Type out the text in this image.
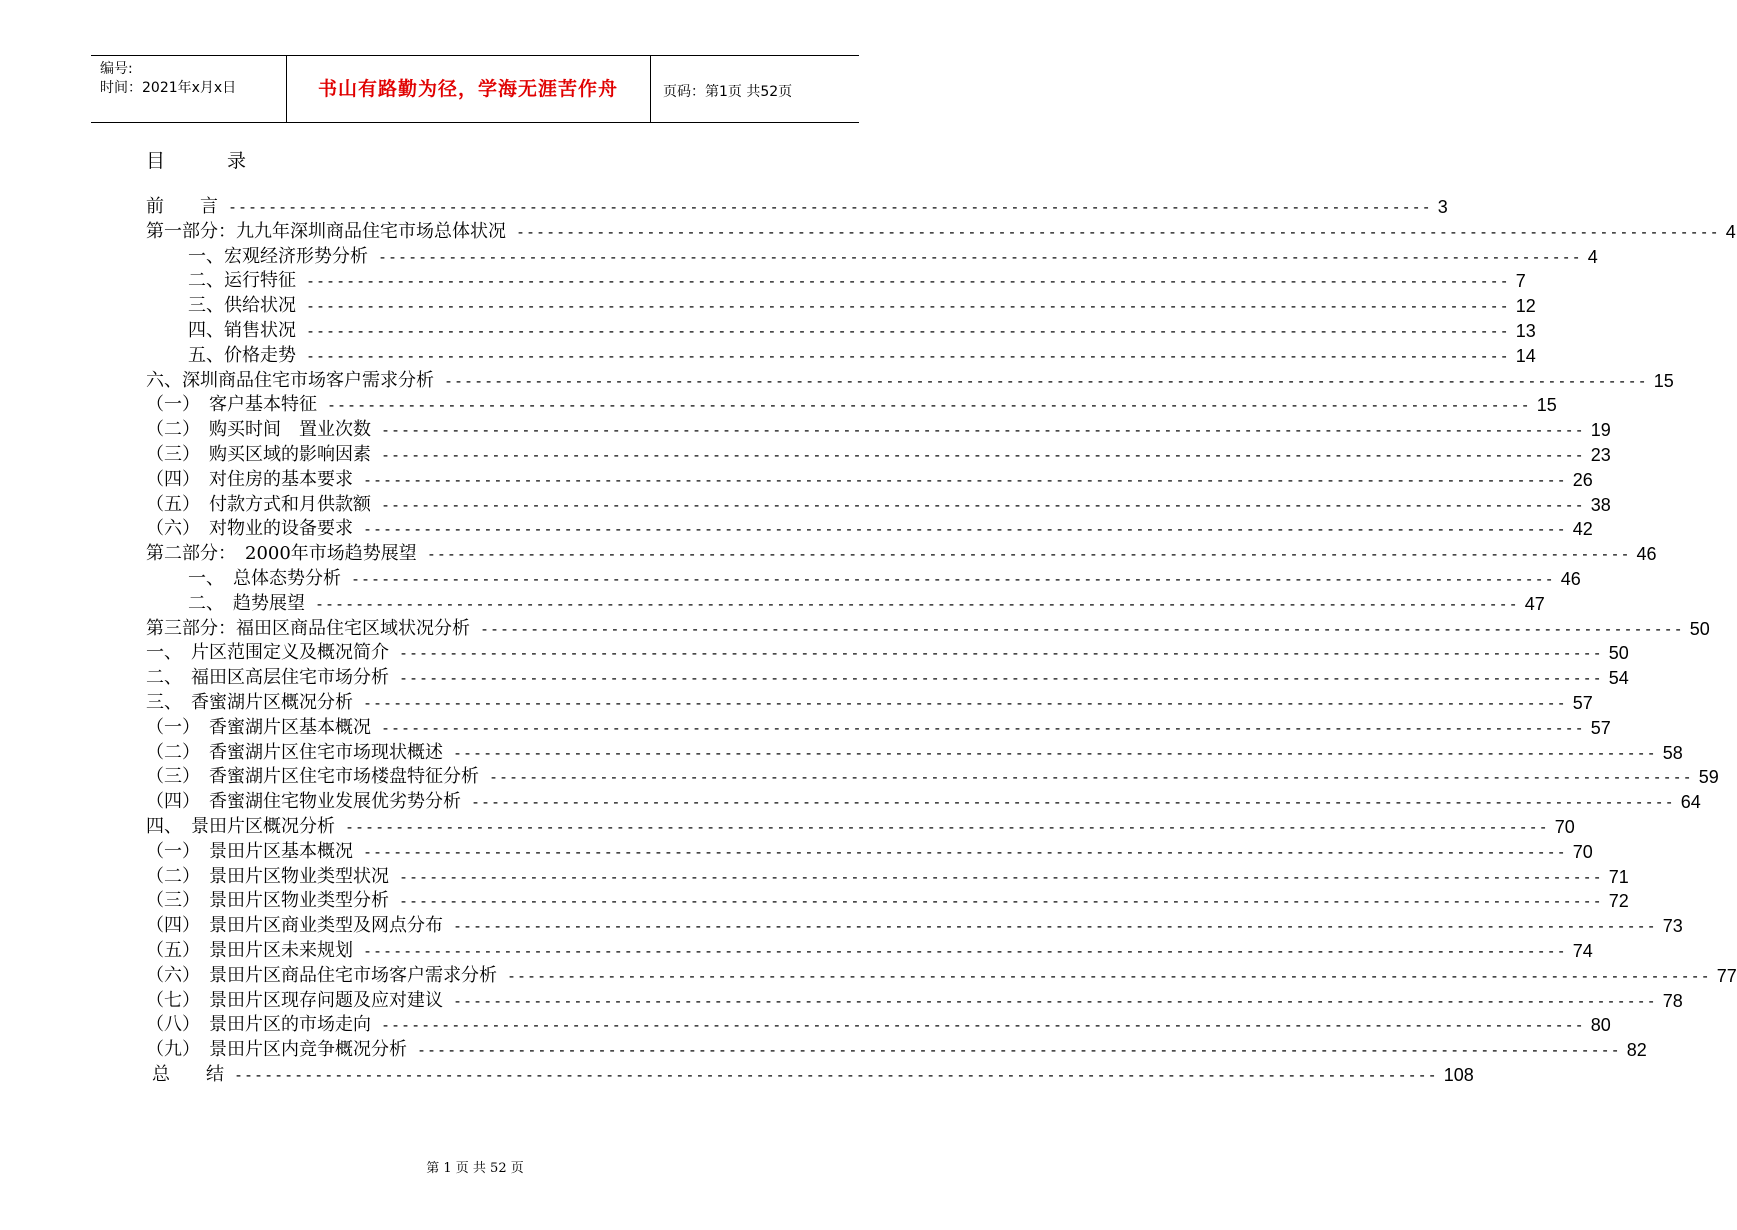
编号:
时间：2021年x月x日	书山有路勤为径，学海无涯苦作舟	页码：第1页 共52页
目 录
前　　言 ------------------------------------------------------------------------------------------------------------------------ 3
第一部分：九九年深圳商品住宅市场总体状况 ------------------------------------------------------------------------------------------------------------------------ 4
一、宏观经济形势分析 ------------------------------------------------------------------------------------------------------------------------ 4
二、运行特征 ------------------------------------------------------------------------------------------------------------------------ 7
三、供给状况 ------------------------------------------------------------------------------------------------------------------------ 12
四、销售状况 ------------------------------------------------------------------------------------------------------------------------ 13
五、价格走势 ------------------------------------------------------------------------------------------------------------------------ 14
六、深圳商品住宅市场客户需求分析 ------------------------------------------------------------------------------------------------------------------------ 15
（一）　客户基本特征 ------------------------------------------------------------------------------------------------------------------------ 15
（二）　购买时间　置业次数 ------------------------------------------------------------------------------------------------------------------------ 19
（三）　购买区域的影响因素 ------------------------------------------------------------------------------------------------------------------------ 23
（四）　对住房的基本要求 ------------------------------------------------------------------------------------------------------------------------ 26
（五）　付款方式和月供款额 ------------------------------------------------------------------------------------------------------------------------ 38
（六）　对物业的设备要求 ------------------------------------------------------------------------------------------------------------------------ 42
第二部分：　2000年市场趋势展望 ------------------------------------------------------------------------------------------------------------------------ 46
一、　总体态势分析 ------------------------------------------------------------------------------------------------------------------------ 46
二、　趋势展望 ------------------------------------------------------------------------------------------------------------------------ 47
第三部分：福田区商品住宅区域状况分析 ------------------------------------------------------------------------------------------------------------------------ 50
一、　片区范围定义及概况简介 ------------------------------------------------------------------------------------------------------------------------ 50
二、　福田区高层住宅市场分析 ------------------------------------------------------------------------------------------------------------------------ 54
三、　香蜜湖片区概况分析 ------------------------------------------------------------------------------------------------------------------------ 57
（一）　香蜜湖片区基本概况 ------------------------------------------------------------------------------------------------------------------------ 57
（二）　香蜜湖片区住宅市场现状概述 ------------------------------------------------------------------------------------------------------------------------ 58
（三）　香蜜湖片区住宅市场楼盘特征分析 ------------------------------------------------------------------------------------------------------------------------ 59
（四）　香蜜湖住宅物业发展优劣势分析 ------------------------------------------------------------------------------------------------------------------------ 64
四、　景田片区概况分析 ------------------------------------------------------------------------------------------------------------------------ 70
（一）　景田片区基本概况 ------------------------------------------------------------------------------------------------------------------------ 70
（二）　景田片区物业类型状况 ------------------------------------------------------------------------------------------------------------------------ 71
（三）　景田片区物业类型分析 ------------------------------------------------------------------------------------------------------------------------ 72
（四）　景田片区商业类型及网点分布 ------------------------------------------------------------------------------------------------------------------------ 73
（五）　景田片区未来规划 ------------------------------------------------------------------------------------------------------------------------ 74
（六）　景田片区商品住宅市场客户需求分析 ------------------------------------------------------------------------------------------------------------------------ 77
（七）　景田片区现存问题及应对建议 ------------------------------------------------------------------------------------------------------------------------ 78
（八）　景田片区的市场走向 ------------------------------------------------------------------------------------------------------------------------ 80
（九）　景田片区内竞争概况分析 ------------------------------------------------------------------------------------------------------------------------ 82
总　　结 ------------------------------------------------------------------------------------------------------------------------ 108
第 1 页 共 52 页
